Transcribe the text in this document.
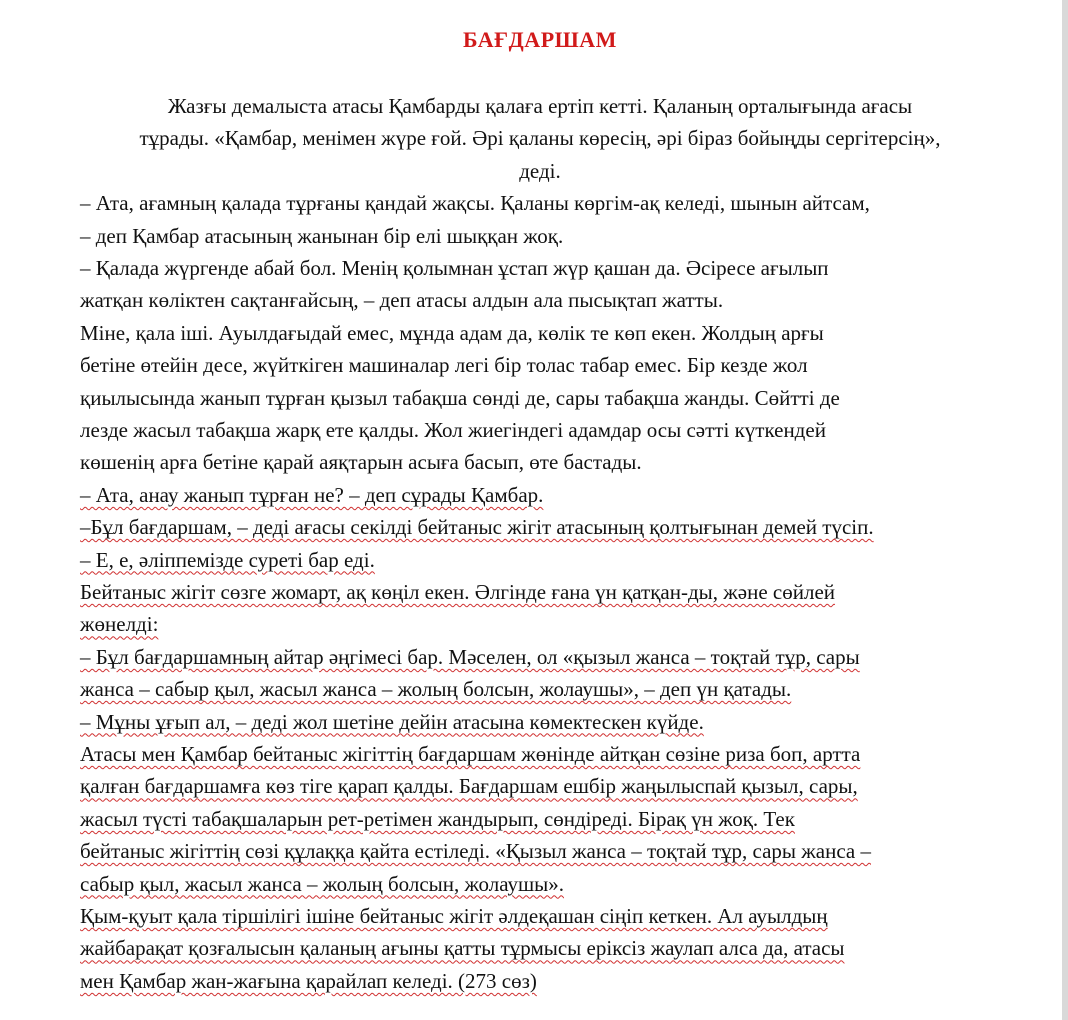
БАҒДАРШАМ
Жазғы демалыста атасы Қамбарды қалаға ертіп кетті. Қаланың орталығында ағасы
тұрады. «Қамбар, менімен жүре ғой. Әрі қаланы көресің, әрі біраз бойыңды сергітерсің»,
деді.
– Ата, ағамның қалада тұрғаны қандай жақсы. Қаланы көргім-ақ келеді, шынын айтсам,
– деп Қамбар атасының жанынан бір елі шыққан жоқ.
– Қалада жүргенде абай бол. Менің қолымнан ұстап жүр қашан да. Әсіресе ағылып
жатқан көліктен сақтанғайсың, – деп атасы алдын ала пысықтап жатты.
Міне, қала іші. Ауылдағыдай емес, мұнда адам да, көлік те көп екен. Жолдың арғы
бетіне өтейін десе, жүйткіген машиналар легі бір толас табар емес. Бір кезде жол
қиылысында жанып тұрған қызыл табақша сөнді де, сары табақша жанды. Сөйтті де
лезде жасыл табақша жарқ ете қалды. Жол жиегіндегі адамдар осы сәтті күткендей
көшенің арға бетіне қарай аяқтарын асыға басып, өте бастады.
– Ата, анау жанып тұрған не? – деп сұрады Қамбар.
–Бұл бағдаршам, – деді ағасы секілді бейтаныс жігіт атасының қолтығынан демей түсіп.
– Е, е, әліппемізде суреті бар еді.
Бейтаныс жігіт сөзге жомарт, ақ көңіл екен. Әлгінде ғана үн қатқан-ды, және сөйлей
жөнелді:
– Бұл бағдаршамның айтар әңгімесі бар. Мәселен, ол «қызыл жанса – тоқтай тұр, сары
жанса – сабыр қыл, жасыл жанса – жолың болсын, жолаушы», – деп үн қатады.
– Мұны ұғып ал, – деді жол шетіне дейін атасына көмектескен күйде.
Атасы мен Қамбар бейтаныс жігіттің бағдаршам жөнінде айтқан сөзіне риза боп, артта
қалған бағдаршамға көз тіге қарап қалды. Бағдаршам ешбір жаңылыспай қызыл, сары,
жасыл түсті табақшаларын рет-ретімен жандырып, сөндіреді. Бірақ үн жоқ. Тек
бейтаныс жігіттің сөзі құлаққа қайта естіледі. «Қызыл жанса – тоқтай тұр, сары жанса –
сабыр қыл, жасыл жанса – жолың болсын, жолаушы».
Қым-қуыт қала тіршілігі ішіне бейтаныс жігіт әлдеқашан сіңіп кеткен. Ал ауылдың
жайбарақат қозғалысын қаланың ағыны қатты тұрмысы еріксіз жаулап алса да, атасы
мен Қамбар жан-жағына қарайлап келеді. (273 сөз)
